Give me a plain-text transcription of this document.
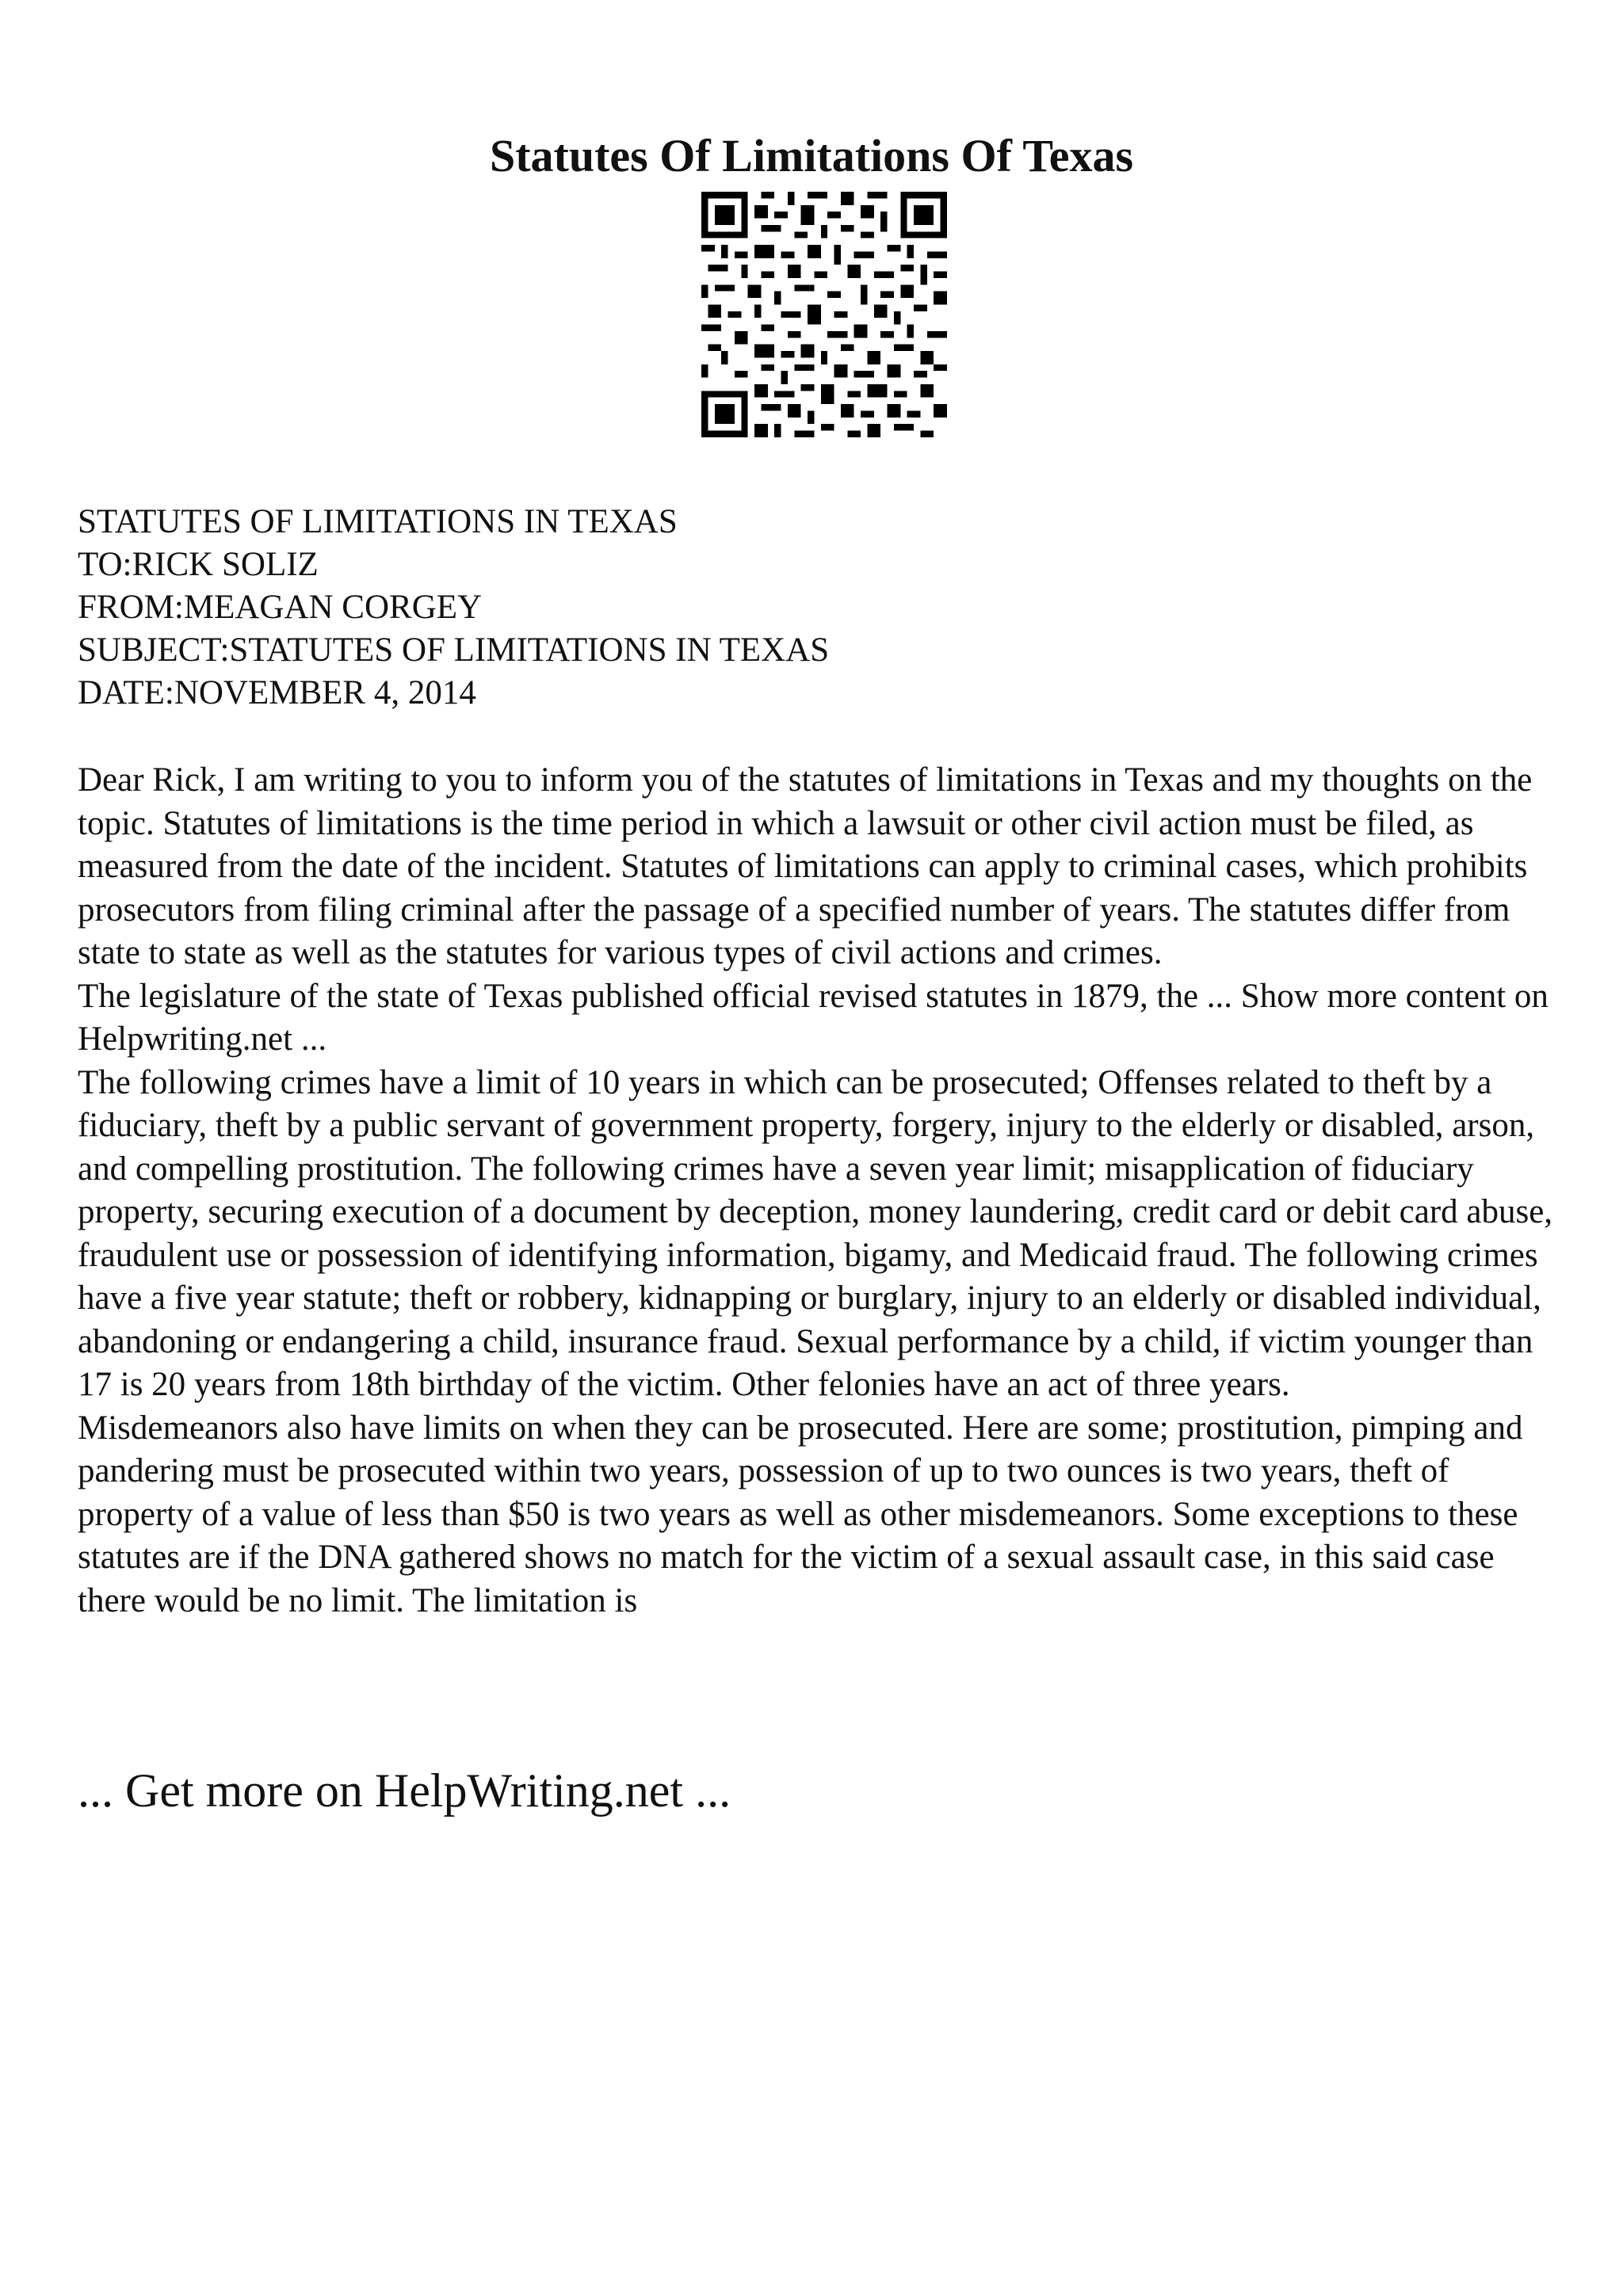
Statutes Of Limitations Of Texas
STATUTES OF LIMITATIONS IN TEXAS
TO:RICK SOLIZ
FROM:MEAGAN CORGEY
SUBJECT:STATUTES OF LIMITATIONS IN TEXAS
DATE:NOVEMBER 4, 2014

Dear Rick, I am writing to you to inform you of the statutes of limitations in Texas and my thoughts on the topic. Statutes of limitations is the time period in which a lawsuit or other civil action must be filed, as measured from the date of the incident. Statutes of limitations can apply to criminal cases, which prohibits prosecutors from filing criminal after the passage of a specified number of years. The statutes differ from state to state as well as the statutes for various types of civil actions and crimes.

The legislature of the state of Texas published official revised statutes in 1879, the ... Show more content on Helpwriting.net ...

The following crimes have a limit of 10 years in which can be prosecuted; Offenses related to theft by a fiduciary, theft by a public servant of government property, forgery, injury to the elderly or disabled, arson, and compelling prostitution. The following crimes have a seven year limit; misapplication of fiduciary property, securing execution of a document by deception, money laundering, credit card or debit card abuse, fraudulent use or possession of identifying information, bigamy, and Medicaid fraud. The following crimes have a five year statute; theft or robbery, kidnapping or burglary, injury to an elderly or disabled individual, abandoning or endangering a child, insurance fraud. Sexual performance by a child, if victim younger than 17 is 20 years from 18th birthday of the victim. Other felonies have an act of three years.

Misdemeanors also have limits on when they can be prosecuted. Here are some; prostitution, pimping and pandering must be prosecuted within two years, possession of up to two ounces is two years, theft of property of a value of less than $50 is two years as well as other misdemeanors. Some exceptions to these statutes are if the DNA gathered shows no match for the victim of a sexual assault case, in this said case there would be no limit. The limitation is

... Get more on HelpWriting.net ...
